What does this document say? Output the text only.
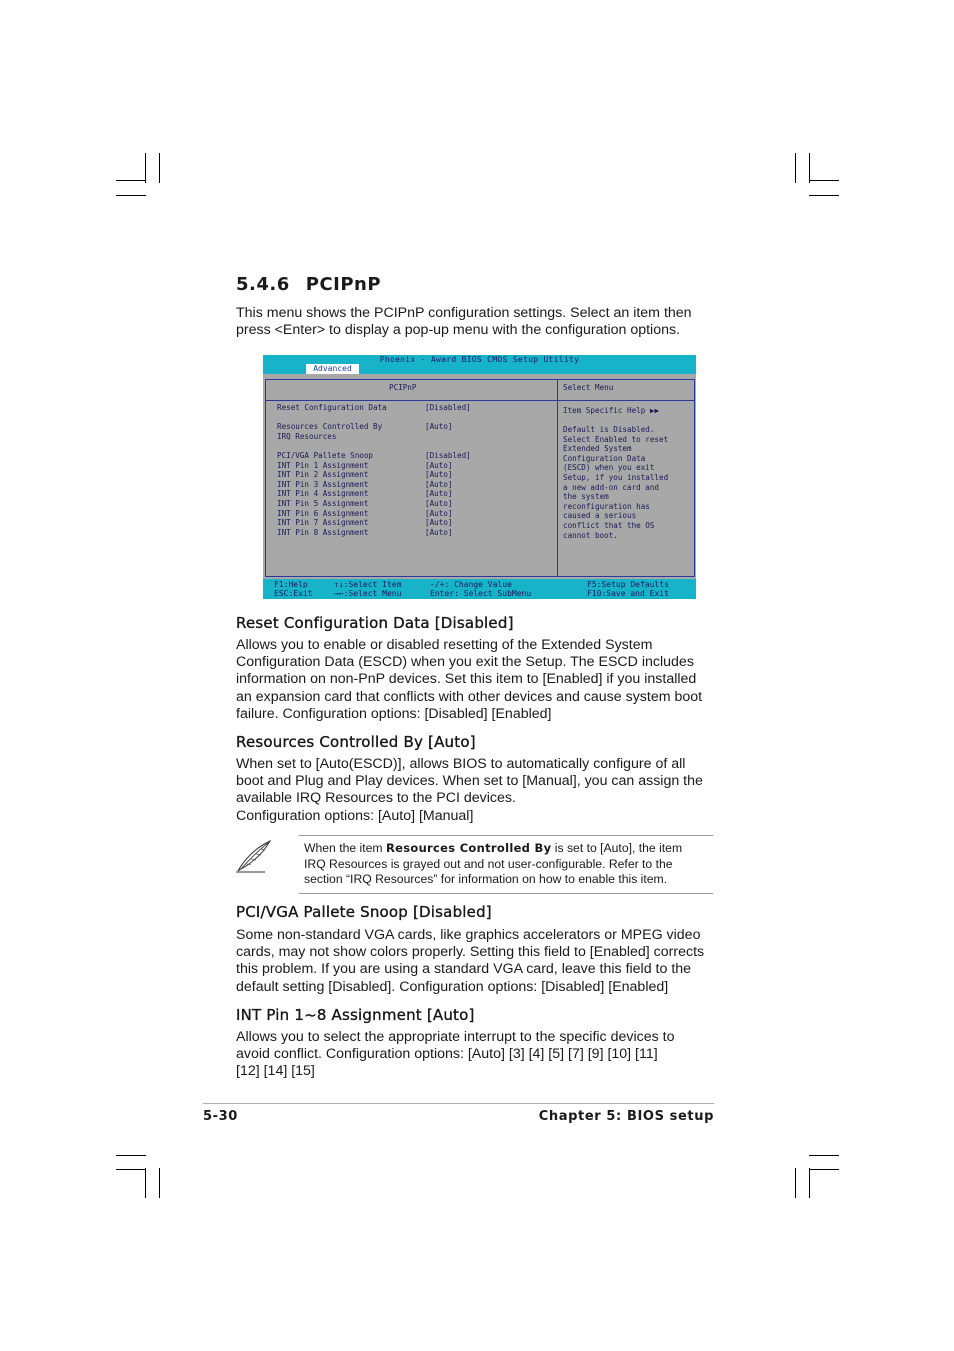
5.4.6 PCIPnP
This menu shows the PCIPnP configuration settings. Select an item then
press <Enter> to display a pop-up menu with the configuration options.
Phoenix - Award BIOS CMOS Setup Utility
Advanced
PCIPnP	Select Menu
Reset Configuration Data	[Disabled]
Resources Controlled By	[Auto]
IRQ Resources
PCI/VGA Pallete Snoop	[Disabled]
INT Pin 1 Assignment	[Auto]
INT Pin 2 Assignment	[Auto]
INT Pin 3 Assignment	[Auto]
INT Pin 4 Assignment	[Auto]
INT Pin 5 Assignment	[Auto]
INT Pin 6 Assignment	[Auto]
INT Pin 7 Assignment	[Auto]
INT Pin 8 Assignment	[Auto]
Item Specific Help ▶▶
Default is Disabled.
Select Enabled to reset
Extended System
Configuration Data
(ESCD) when you exit
Setup, if you installed
a new add-on card and
the system
reconfiguration has
caused a serious
conflict that the OS
cannot boot.
F1:Help
ESC:Exit
↑↓:Select Item
→←:Select Menu
-/+: Change Value
Enter: Select SubMenu
F5:Setup Defaults
F10:Save and Exit
Reset Configuration Data [Disabled]
Allows you to enable or disabled resetting of the Extended System
Configuration Data (ESCD) when you exit the Setup. The ESCD includes
information on non-PnP devices. Set this item to [Enabled] if you installed
an expansion card that conflicts with other devices and cause system boot
failure. Configuration options: [Disabled] [Enabled]
Resources Controlled By [Auto]
When set to [Auto(ESCD)], allows BIOS to automatically configure of all
boot and Plug and Play devices. When set to [Manual], you can assign the
available IRQ Resources to the PCI devices.
Configuration options: [Auto] [Manual]
When the item Resources Controlled By is set to [Auto], the item
IRQ Resources is grayed out and not user-configurable. Refer to the
section “IRQ Resources” for information on how to enable this item.
PCI/VGA Pallete Snoop [Disabled]
Some non-standard VGA cards, like graphics accelerators or MPEG video
cards, may not show colors properly. Setting this field to [Enabled] corrects
this problem. If you are using a standard VGA card, leave this field to the
default setting [Disabled]. Configuration options: [Disabled] [Enabled]
INT Pin 1~8 Assignment [Auto]
Allows you to select the appropriate interrupt to the specific devices to
avoid conflict. Configuration options: [Auto] [3] [4] [5] [7] [9] [10] [11]
[12] [14] [15]
5-30	Chapter 5: BIOS setup
